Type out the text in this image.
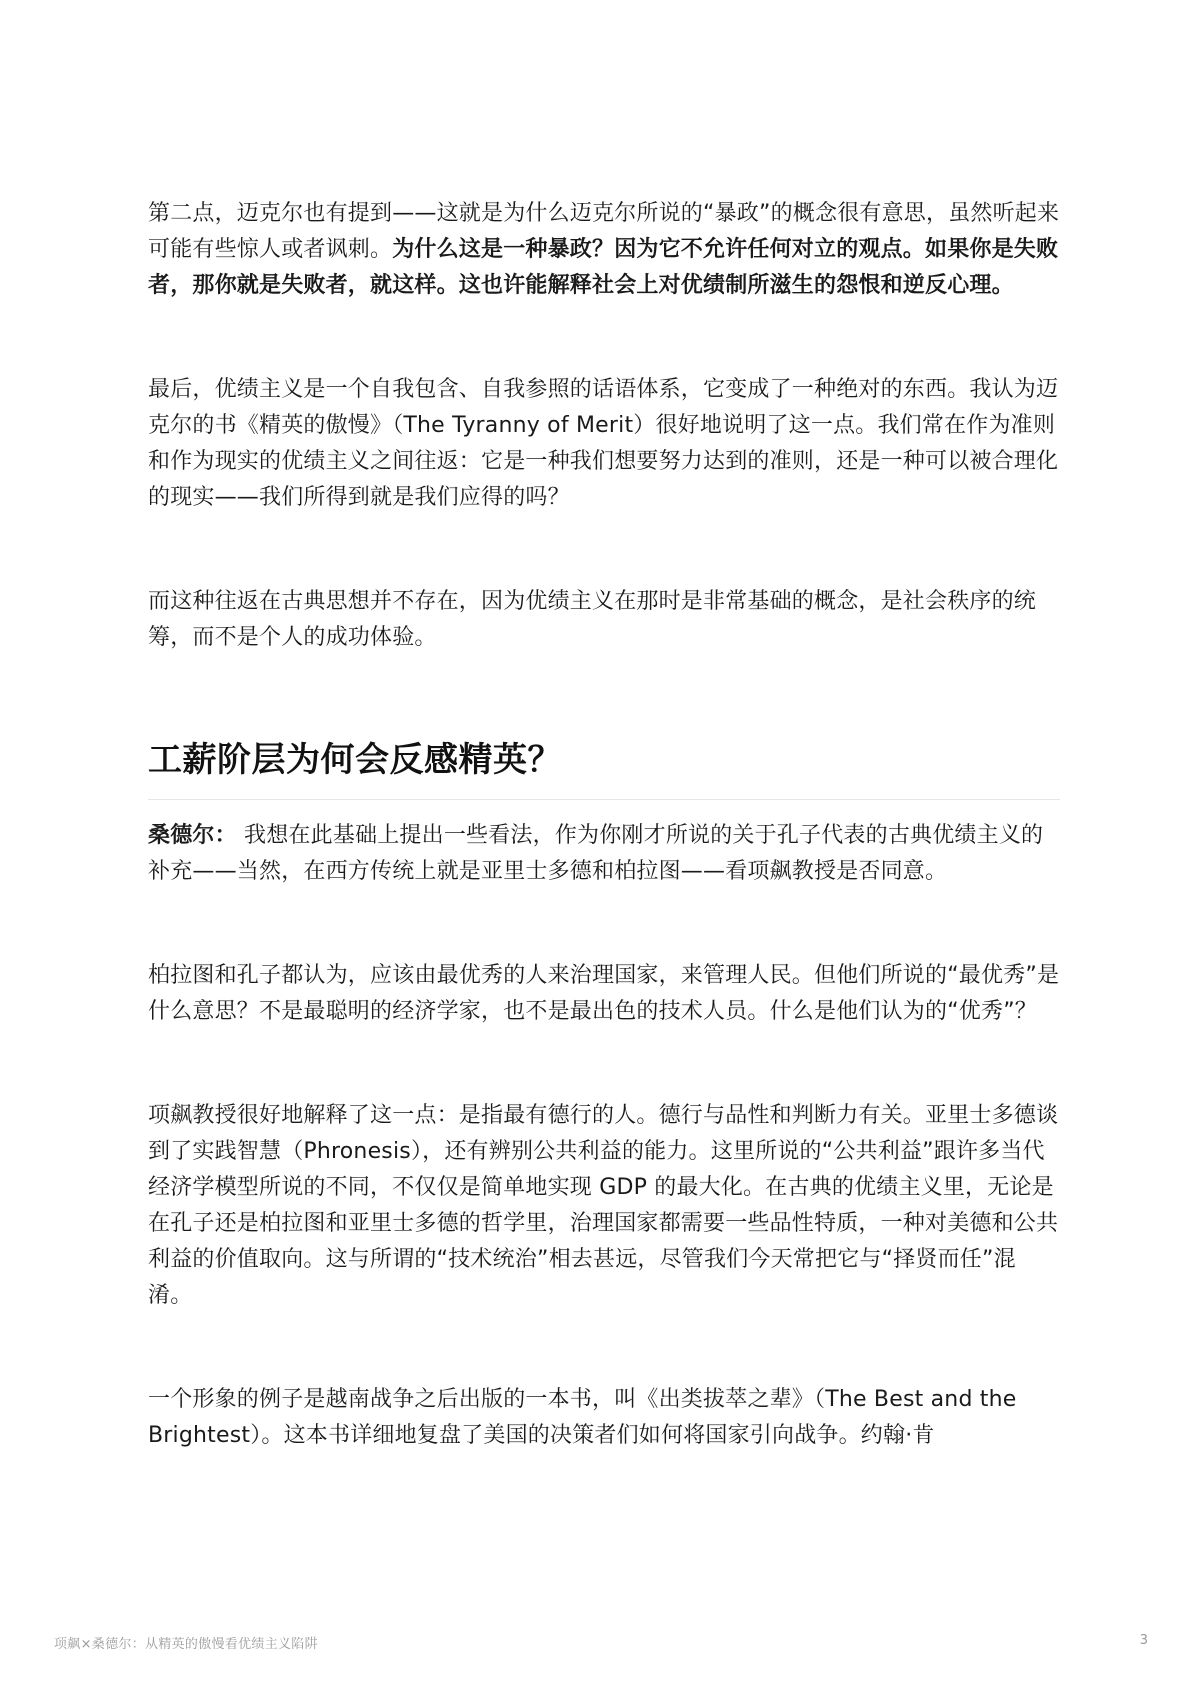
第二点，迈克尔也有提到——这就是为什么迈克尔所说的“暴政”的概念很有意思，虽然听起来可能有些惊人或者讽刺。为什么这是一种暴政？因为它不允许任何对立的观点。如果你是失败者，那你就是失败者，就这样。这也许能解释社会上对优绩制所滋生的怨恨和逆反心理。

最后，优绩主义是一个自我包含、自我参照的话语体系，它变成了一种绝对的东西。我认为迈克尔的书《精英的傲慢》（The Tyranny of Merit）很好地说明了这一点。我们常在作为准则和作为现实的优绩主义之间往返：它是一种我们想要努力达到的准则，还是一种可以被合理化的现实——我们所得到就是我们应得的吗？

而这种往返在古典思想并不存在，因为优绩主义在那时是非常基础的概念，是社会秩序的统筹，而不是个人的成功体验。

工薪阶层为何会反感精英？

桑德尔： 我想在此基础上提出一些看法，作为你刚才所说的关于孔子代表的古典优绩主义的补充——当然，在西方传统上就是亚里士多德和柏拉图——看项飙教授是否同意。

柏拉图和孔子都认为，应该由最优秀的人来治理国家，来管理人民。但他们所说的“最优秀”是什么意思？不是最聪明的经济学家，也不是最出色的技术人员。什么是他们认为的“优秀”？

项飙教授很好地解释了这一点：是指最有德行的人。德行与品性和判断力有关。亚里士多德谈到了实践智慧（Phronesis），还有辨别公共利益的能力。这里所说的“公共利益”跟许多当代经济学模型所说的不同，不仅仅是简单地实现 GDP 的最大化。在古典的优绩主义里，无论是在孔子还是柏拉图和亚里士多德的哲学里，治理国家都需要一些品性特质，一种对美德和公共利益的价值取向。这与所谓的“技术统治”相去甚远，尽管我们今天常把它与“择贤而任”混淆。

一个形象的例子是越南战争之后出版的一本书，叫《出类拔萃之辈》（The Best and the Brightest）。这本书详细地复盘了美国的决策者们如何将国家引向战争。约翰·肯

项飙×桑德尔：从精英的傲慢看优绩主义陷阱	3
